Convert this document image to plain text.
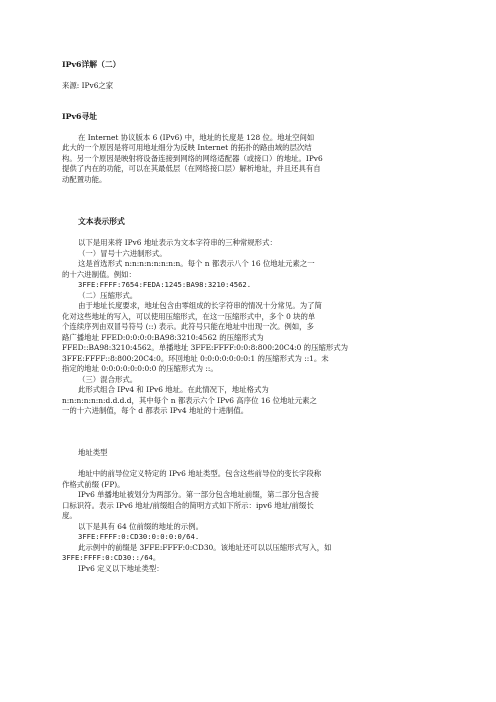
IPv6详解（二）
来源: IPv6之家
IPv6寻址
在 Internet 协议版本 6 (IPv6) 中，地址的长度是 128 位。地址空间如
此大的一个原因是将可用地址细分为反映 Internet 的拓扑的路由域的层次结
构。另一个原因是映射将设备连接到网络的网络适配器（或接口）的地址。IPv6
提供了内在的功能，可以在其最低层（在网络接口层）解析地址，并且还具有自
动配置功能。
文本表示形式
以下是用来将 IPv6 地址表示为文本字符串的三种常规形式：
（一）冒号十六进制形式。
这是首选形式 n:n:n:n:n:n:n:n。每个 n 都表示八个 16 位地址元素之一
的十六进制值。例如：
3FFE:FFFF:7654:FEDA:1245:BA98:3210:4562.
（二）压缩形式。
由于地址长度要求，地址包含由零组成的长字符串的情况十分常见。为了简
化对这些地址的写入，可以使用压缩形式，在这一压缩形式中，多个 0 块的单
个连续序列由双冒号符号 (::) 表示。此符号只能在地址中出现一次。例如，多
路广播地址 FFED:0:0:0:0:BA98:3210:4562 的压缩形式为
FFED::BA98:3210:4562。单播地址 3FFE:FFFF:0:0:8:800:20C4:0 的压缩形式为
3FFE:FFFF::8:800:20C4:0。环回地址 0:0:0:0:0:0:0:1 的压缩形式为 ::1。未
指定的地址 0:0:0:0:0:0:0:0 的压缩形式为 ::。
（三）混合形式。
此形式组合 IPv4 和 IPv6 地址。在此情况下，地址格式为
n:n:n:n:n:n:d.d.d.d，其中每个 n 都表示六个 IPv6 高序位 16 位地址元素之
一的十六进制值，每个 d 都表示 IPv4 地址的十进制值。
地址类型
地址中的前导位定义特定的 IPv6 地址类型。包含这些前导位的变长字段称
作格式前缀 (FP)。
IPv6 单播地址被划分为两部分。第一部分包含地址前缀，第二部分包含接
口标识符。表示 IPv6 地址/前缀组合的简明方式如下所示：ipv6 地址/前缀长
度。
以下是具有 64 位前缀的地址的示例。
3FFE:FFFF:0:CD30:0:0:0:0/64.
此示例中的前缀是 3FFE:FFFF:0:CD30。该地址还可以以压缩形式写入，如
3FFE:FFFF:0:CD30::/64。
IPv6 定义以下地址类型：
